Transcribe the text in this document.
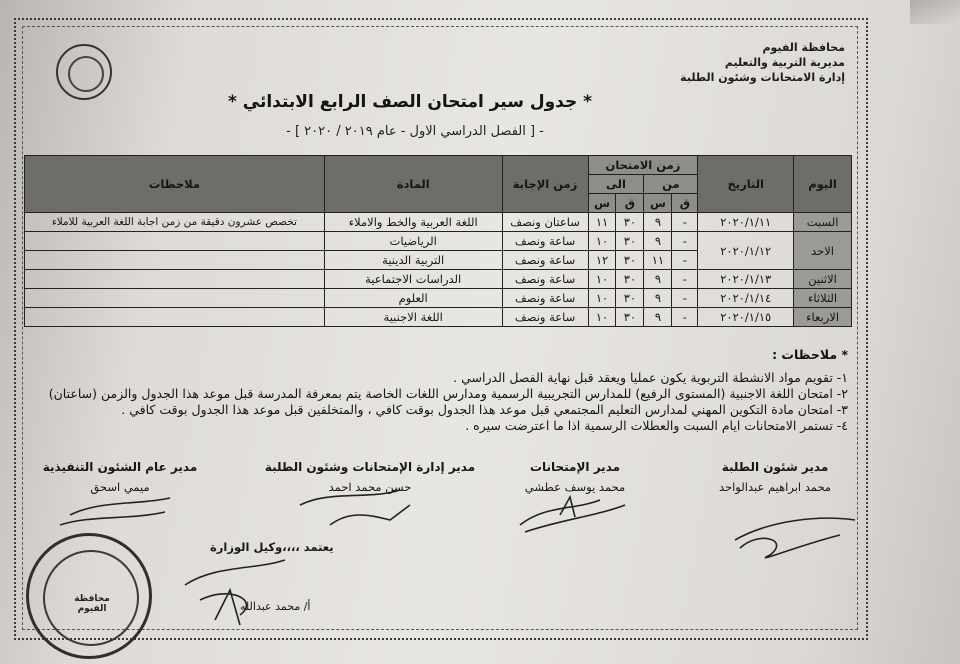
محافظة الفيوم
مديرية التربية والتعليم
إدارة الامتحانات وشئون الطلبة
* جدول سير امتحان الصف الرابع الابتدائي *
- [ الفصل الدراسي الاول - عام ٢٠١٩ / ٢٠٢٠ ] -
اليوم	التاريخ	زمن الامتحان				زمن الإجابة	المادة	ملاحظات
		من		الى				
		ق	س	ق	س			
السبت	٢٠٢٠/١/١١	-	٩	٣٠	١١	ساعتان ونصف	اللغة العربية والخط والاملاء	تخصص عشرون دقيقة من زمن اجابة اللغة العربية للاملاء
الاحد	٢٠٢٠/١/١٢	-	٩	٣٠	١٠	ساعة ونصف	الرياضيات	
		-	١١	٣٠	١٢	ساعة ونصف	التربية الدينية	
الاثنين	٢٠٢٠/١/١٣	-	٩	٣٠	١٠	ساعة ونصف	الدراسات الاجتماعية	
الثلاثاء	٢٠٢٠/١/١٤	-	٩	٣٠	١٠	ساعة ونصف	العلوم	
الاربعاء	٢٠٢٠/١/١٥	-	٩	٣٠	١٠	ساعة ونصف	اللغة الاجنبية	
* ملاحظات :
١- تقويم مواد الانشطة التربوية يكون عمليا ويعقد قبل نهاية الفصل الدراسي .
٢- امتحان اللغة الاجنبية (المستوى الرفيع) للمدارس التجريبية الرسمية ومدارس اللغات الخاصة يتم بمعرفة المدرسة قبل موعد هذا الجدول والزمن (ساعتان)
٣- امتحان مادة التكوين المهني لمدارس التعليم المجتمعي قبل موعد هذا الجدول بوقت كافي ، والمتخلفين قبل موعد هذا الجدول بوقت كافي .
٤- تستمر الامتحانات ايام السبت والعطلات الرسمية اذا ما اعترضت سيره .
مدير شئون الطلبة
محمد ابراهيم عبدالواحد
مدير الإمتحانات
محمد يوسف عطشي
مدير إدارة الإمتحانات وشئون الطلبة
حسن محمد احمد
مدير عام الشئون التنفيذية
ميمي اسحق
محافظة الفيوم
يعتمد ،،،،وكيل الوزارة
أ/ محمد عبدالله
